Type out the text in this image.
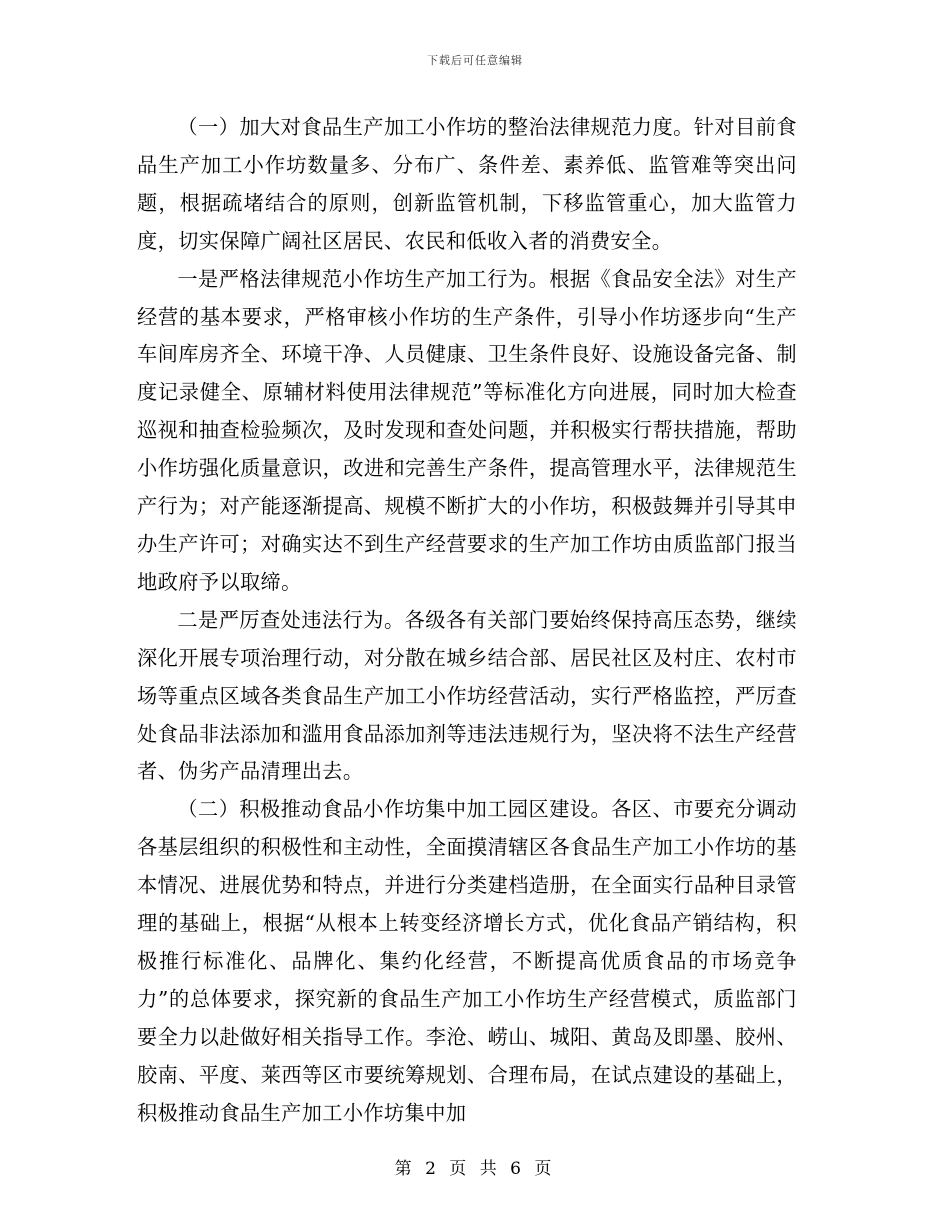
下载后可任意编辑

（一）加大对食品生产加工小作坊的整治法律规范力度。针对目前食品生产加工小作坊数量多、分布广、条件差、素养低、监管难等突出问题，根据疏堵结合的原则，创新监管机制，下移监管重心，加大监管力度，切实保障广阔社区居民、农民和低收入者的消费安全。

一是严格法律规范小作坊生产加工行为。根据《食品安全法》对生产经营的基本要求，严格审核小作坊的生产条件，引导小作坊逐步向“生产车间库房齐全、环境干净、人员健康、卫生条件良好、设施设备完备、制度记录健全、原辅材料使用法律规范”等标准化方向进展，同时加大检查巡视和抽查检验频次，及时发现和查处问题，并积极实行帮扶措施，帮助小作坊强化质量意识，改进和完善生产条件，提高管理水平，法律规范生产行为；对产能逐渐提高、规模不断扩大的小作坊，积极鼓舞并引导其申办生产许可；对确实达不到生产经营要求的生产加工作坊由质监部门报当地政府予以取缔。

二是严厉查处违法行为。各级各有关部门要始终保持高压态势，继续深化开展专项治理行动，对分散在城乡结合部、居民社区及村庄、农村市场等重点区域各类食品生产加工小作坊经营活动，实行严格监控，严厉查处食品非法添加和滥用食品添加剂等违法违规行为，坚决将不法生产经营者、伪劣产品清理出去。

（二）积极推动食品小作坊集中加工园区建设。各区、市要充分调动各基层组织的积极性和主动性，全面摸清辖区各食品生产加工小作坊的基本情况、进展优势和特点，并进行分类建档造册，在全面实行品种目录管理的基础上，根据“从根本上转变经济增长方式，优化食品产销结构，积极推行标准化、品牌化、集约化经营，不断提高优质食品的市场竞争力”的总体要求，探究新的食品生产加工小作坊生产经营模式，质监部门要全力以赴做好相关指导工作。李沧、崂山、城阳、黄岛及即墨、胶州、胶南、平度、莱西等区市要统筹规划、合理布局，在试点建设的基础上，积极推动食品生产加工小作坊集中加

第 2 页 共 6 页
